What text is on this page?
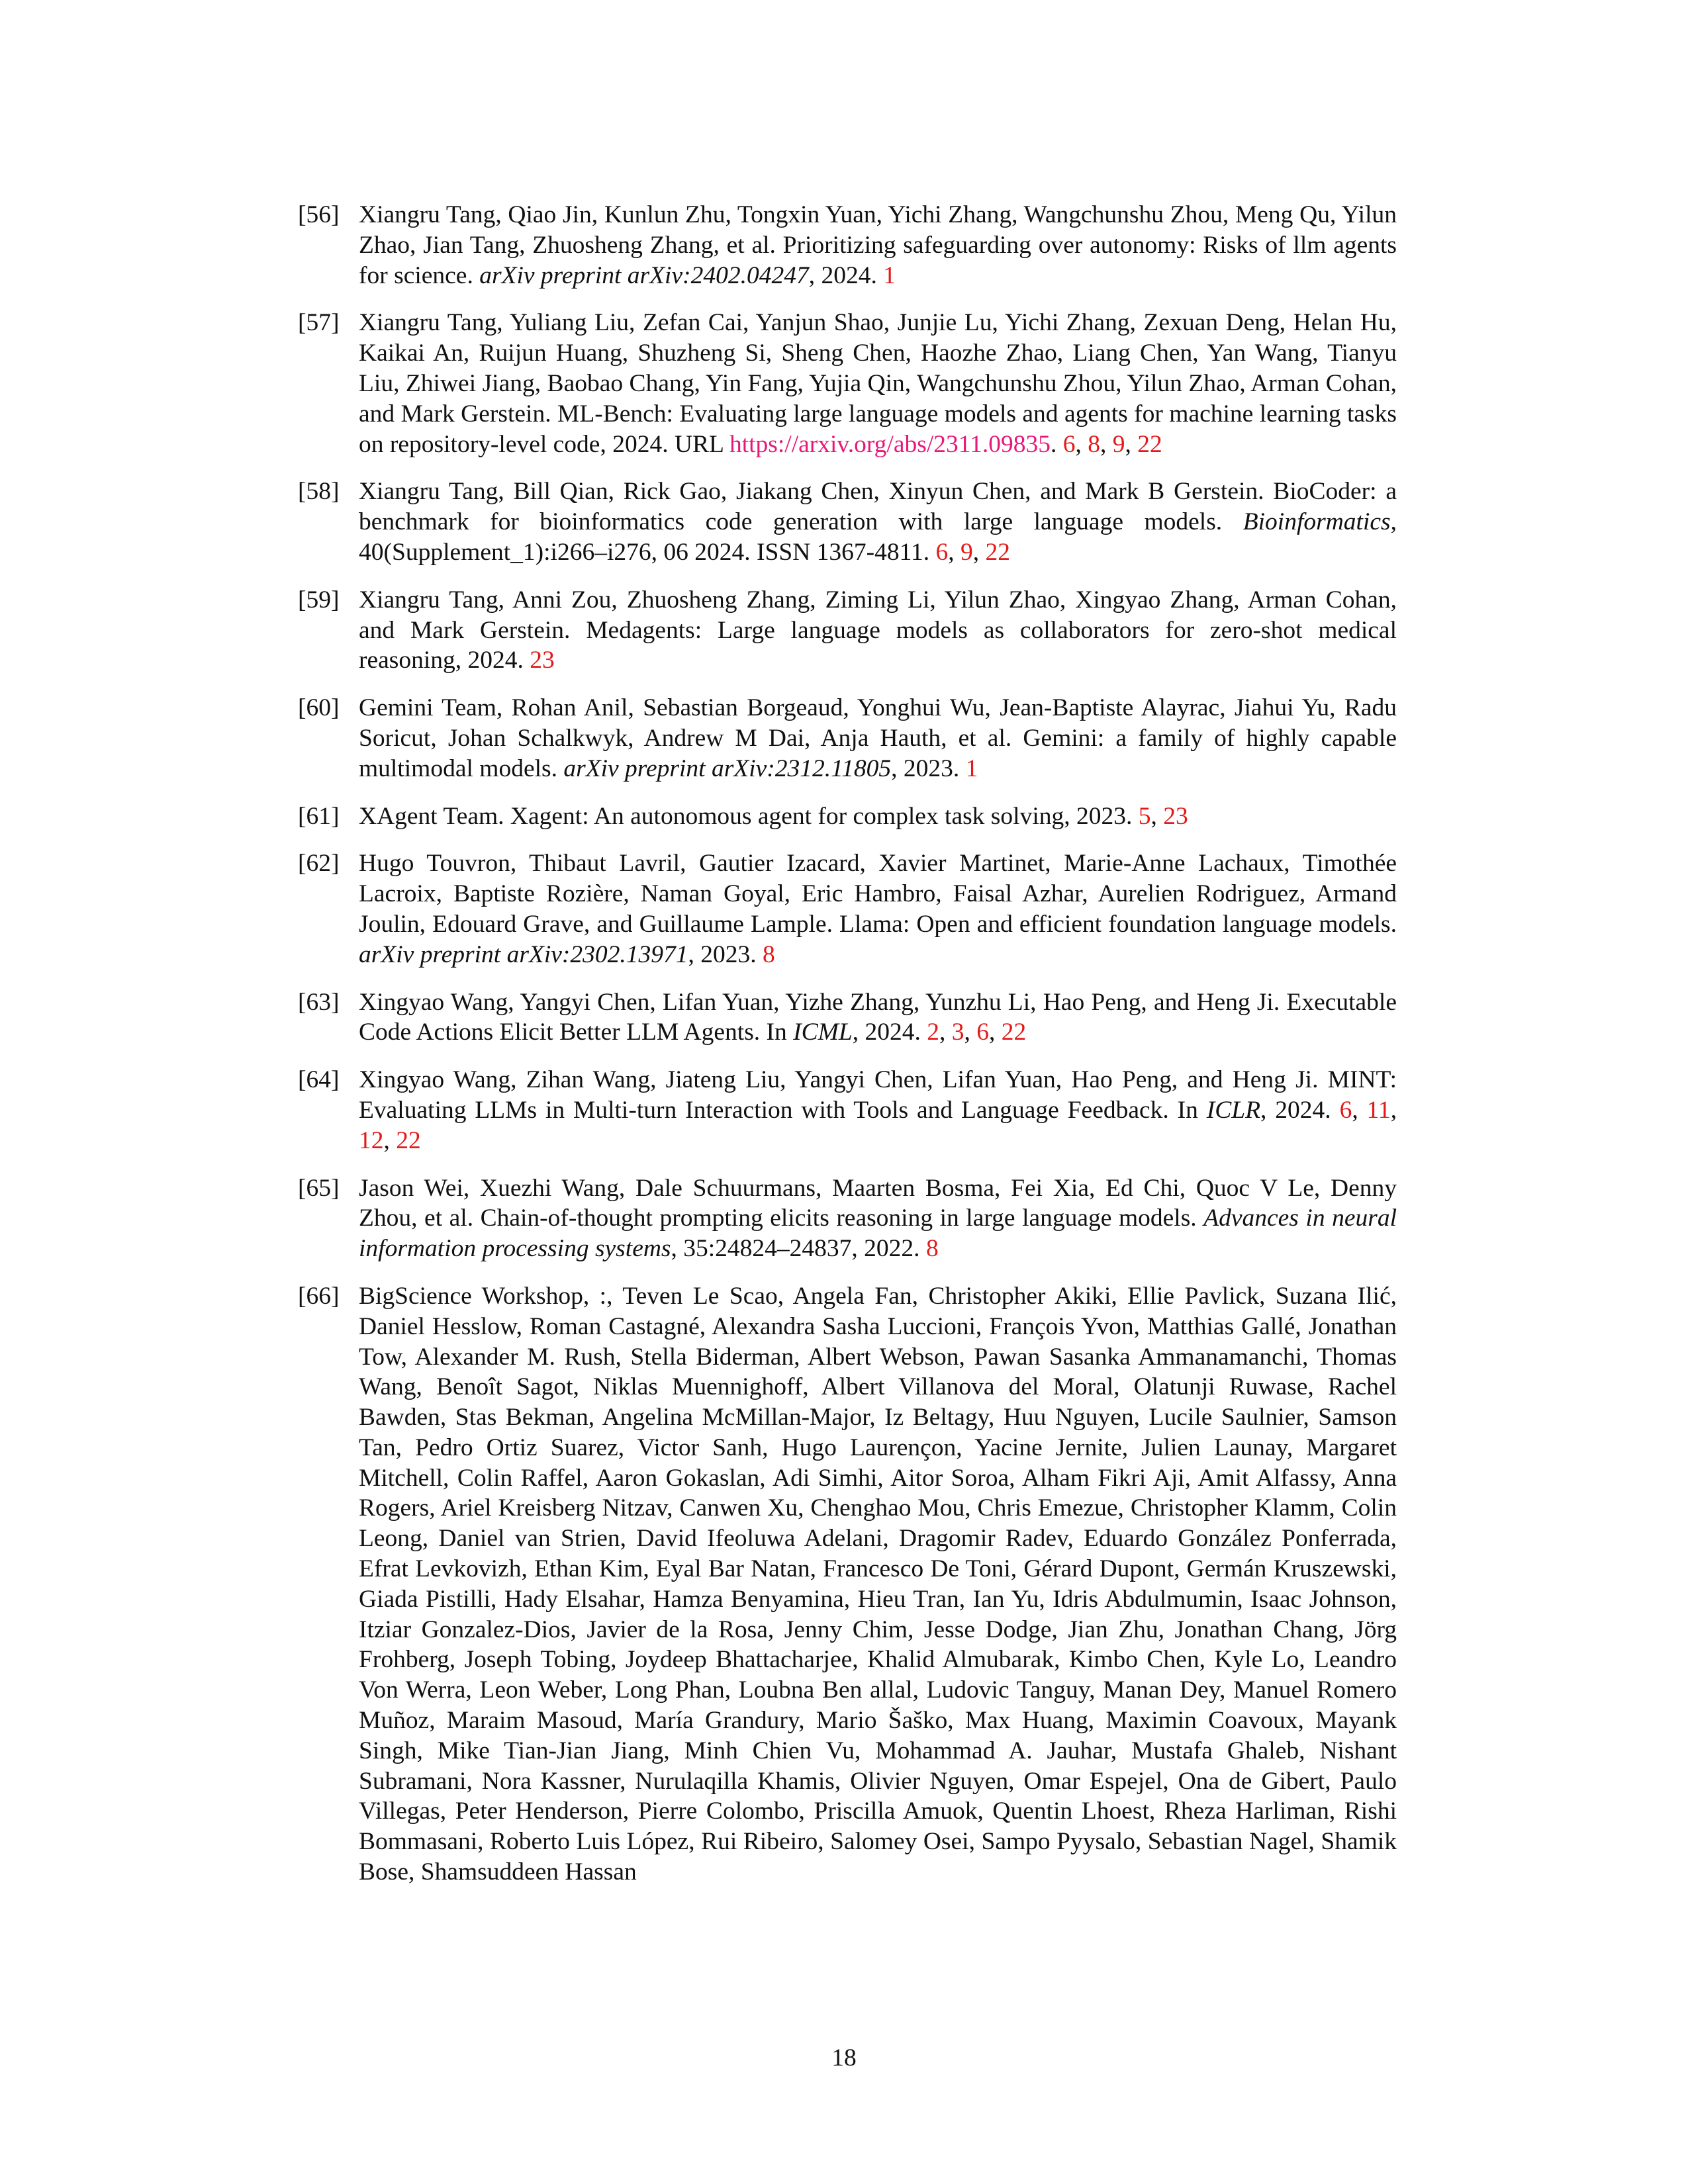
[56] Xiangru Tang, Qiao Jin, Kunlun Zhu, Tongxin Yuan, Yichi Zhang, Wangchunshu Zhou, Meng Qu, Yilun Zhao, Jian Tang, Zhuosheng Zhang, et al. Prioritizing safeguarding over autonomy: Risks of llm agents for science. arXiv preprint arXiv:2402.04247, 2024. 1
[57] Xiangru Tang, Yuliang Liu, Zefan Cai, Yanjun Shao, Junjie Lu, Yichi Zhang, Zexuan Deng, Helan Hu, Kaikai An, Ruijun Huang, Shuzheng Si, Sheng Chen, Haozhe Zhao, Liang Chen, Yan Wang, Tianyu Liu, Zhiwei Jiang, Baobao Chang, Yin Fang, Yujia Qin, Wangchunshu Zhou, Yilun Zhao, Arman Cohan, and Mark Gerstein. ML-Bench: Evaluating large language models and agents for machine learning tasks on repository-level code, 2024. URL https://arxiv.org/abs/2311.09835. 6, 8, 9, 22
[58] Xiangru Tang, Bill Qian, Rick Gao, Jiakang Chen, Xinyun Chen, and Mark B Gerstein. BioCoder: a benchmark for bioinformatics code generation with large language models. Bioinformatics, 40(Supplement_1):i266–i276, 06 2024. ISSN 1367-4811. 6, 9, 22
[59] Xiangru Tang, Anni Zou, Zhuosheng Zhang, Ziming Li, Yilun Zhao, Xingyao Zhang, Arman Cohan, and Mark Gerstein. Medagents: Large language models as collaborators for zero-shot medical reasoning, 2024. 23
[60] Gemini Team, Rohan Anil, Sebastian Borgeaud, Yonghui Wu, Jean-Baptiste Alayrac, Jiahui Yu, Radu Soricut, Johan Schalkwyk, Andrew M Dai, Anja Hauth, et al. Gemini: a family of highly capable multimodal models. arXiv preprint arXiv:2312.11805, 2023. 1
[61] XAgent Team. Xagent: An autonomous agent for complex task solving, 2023. 5, 23
[62] Hugo Touvron, Thibaut Lavril, Gautier Izacard, Xavier Martinet, Marie-Anne Lachaux, Timothée Lacroix, Baptiste Rozière, Naman Goyal, Eric Hambro, Faisal Azhar, Aurelien Rodriguez, Armand Joulin, Edouard Grave, and Guillaume Lample. Llama: Open and efficient foundation language models. arXiv preprint arXiv:2302.13971, 2023. 8
[63] Xingyao Wang, Yangyi Chen, Lifan Yuan, Yizhe Zhang, Yunzhu Li, Hao Peng, and Heng Ji. Executable Code Actions Elicit Better LLM Agents. In ICML, 2024. 2, 3, 6, 22
[64] Xingyao Wang, Zihan Wang, Jiateng Liu, Yangyi Chen, Lifan Yuan, Hao Peng, and Heng Ji. MINT: Evaluating LLMs in Multi-turn Interaction with Tools and Language Feedback. In ICLR, 2024. 6, 11, 12, 22
[65] Jason Wei, Xuezhi Wang, Dale Schuurmans, Maarten Bosma, Fei Xia, Ed Chi, Quoc V Le, Denny Zhou, et al. Chain-of-thought prompting elicits reasoning in large language models. Advances in neural information processing systems, 35:24824–24837, 2022. 8
[66] BigScience Workshop, :, Teven Le Scao, Angela Fan, Christopher Akiki, Ellie Pavlick, Suzana Ilić, Daniel Hesslow, Roman Castagné, Alexandra Sasha Luccioni, François Yvon, Matthias Gallé, Jonathan Tow, Alexander M. Rush, Stella Biderman, Albert Webson, Pawan Sasanka Ammanamanchi, Thomas Wang, Benoît Sagot, Niklas Muennighoff, Albert Villanova del Moral, Olatunji Ruwase, Rachel Bawden, Stas Bekman, Angelina McMillan-Major, Iz Beltagy, Huu Nguyen, Lucile Saulnier, Samson Tan, Pedro Ortiz Suarez, Victor Sanh, Hugo Laurençon, Yacine Jernite, Julien Launay, Margaret Mitchell, Colin Raffel, Aaron Gokaslan, Adi Simhi, Aitor Soroa, Alham Fikri Aji, Amit Alfassy, Anna Rogers, Ariel Kreisberg Nitzav, Canwen Xu, Chenghao Mou, Chris Emezue, Christopher Klamm, Colin Leong, Daniel van Strien, David Ifeoluwa Adelani, Dragomir Radev, Eduardo González Ponferrada, Efrat Levkovizh, Ethan Kim, Eyal Bar Natan, Francesco De Toni, Gérard Dupont, Germán Kruszewski, Giada Pistilli, Hady Elsahar, Hamza Benyamina, Hieu Tran, Ian Yu, Idris Abdulmumin, Isaac Johnson, Itziar Gonzalez-Dios, Javier de la Rosa, Jenny Chim, Jesse Dodge, Jian Zhu, Jonathan Chang, Jörg Frohberg, Joseph Tobing, Joydeep Bhattacharjee, Khalid Almubarak, Kimbo Chen, Kyle Lo, Leandro Von Werra, Leon Weber, Long Phan, Loubna Ben allal, Ludovic Tanguy, Manan Dey, Manuel Romero Muñoz, Maraim Masoud, María Grandury, Mario Šaško, Max Huang, Maximin Coavoux, Mayank Singh, Mike Tian-Jian Jiang, Minh Chien Vu, Mohammad A. Jauhar, Mustafa Ghaleb, Nishant Subramani, Nora Kassner, Nurulaqilla Khamis, Olivier Nguyen, Omar Espejel, Ona de Gibert, Paulo Villegas, Peter Henderson, Pierre Colombo, Priscilla Amuok, Quentin Lhoest, Rheza Harliman, Rishi Bommasani, Roberto Luis López, Rui Ribeiro, Salomey Osei, Sampo Pyysalo, Sebastian Nagel, Shamik Bose, Shamsuddeen Hassan
18
